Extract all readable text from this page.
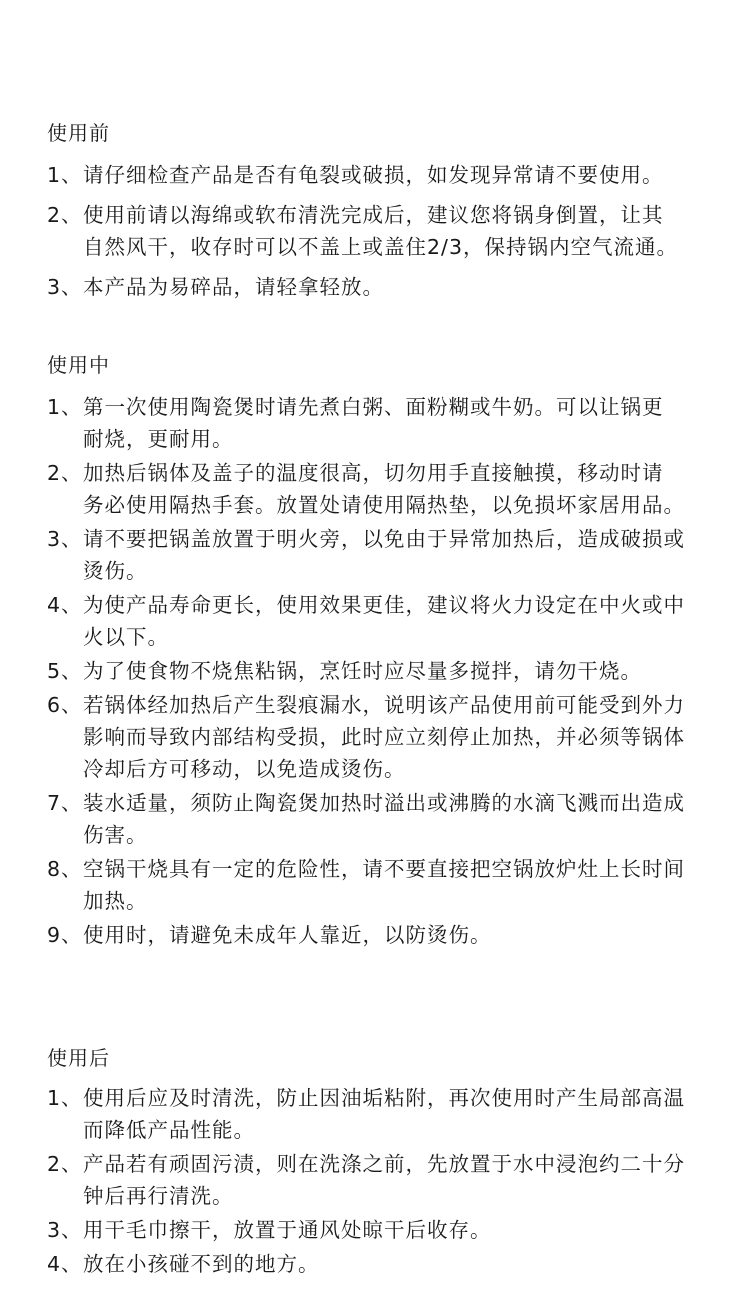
使用前
1、 请仔细检查产品是否有龟裂或破损，如发现异常请不要使用。
2、 使用前请以海绵或软布清洗完成后，建议您将锅身倒置，让其
自然风干，收存时可以不盖上或盖住2/3，保持锅内空气流通。
3、 本产品为易碎品，请轻拿轻放。
使用中
1、 第一次使用陶瓷煲时请先煮白粥、面粉糊或牛奶。可以让锅更
耐烧，更耐用。
2、 加热后锅体及盖子的温度很高，切勿用手直接触摸，移动时请
务必使用隔热手套。放置处请使用隔热垫，以免损坏家居用品。
3、 请不要把锅盖放置于明火旁，以免由于异常加热后，造成破损或
烫伤。
4、 为使产品寿命更长，使用效果更佳，建议将火力设定在中火或中
火以下。
5、 为了使食物不烧焦粘锅，烹饪时应尽量多搅拌，请勿干烧。
6、 若锅体经加热后产生裂痕漏水，说明该产品使用前可能受到外力
影响而导致内部结构受损，此时应立刻停止加热，并必须等锅体
冷却后方可移动，以免造成烫伤。
7、 装水适量，须防止陶瓷煲加热时溢出或沸腾的水滴飞溅而出造成
伤害。
8、 空锅干烧具有一定的危险性，请不要直接把空锅放炉灶上长时间
加热。
9、 使用时，请避免未成年人靠近，以防烫伤。
使用后
1、 使用后应及时清洗，防止因油垢粘附，再次使用时产生局部高温
而降低产品性能。
2、 产品若有顽固污渍，则在洗涤之前，先放置于水中浸泡约二十分
钟后再行清洗。
3、 用干毛巾擦干，放置于通风处晾干后收存。
4、 放在小孩碰不到的地方。
